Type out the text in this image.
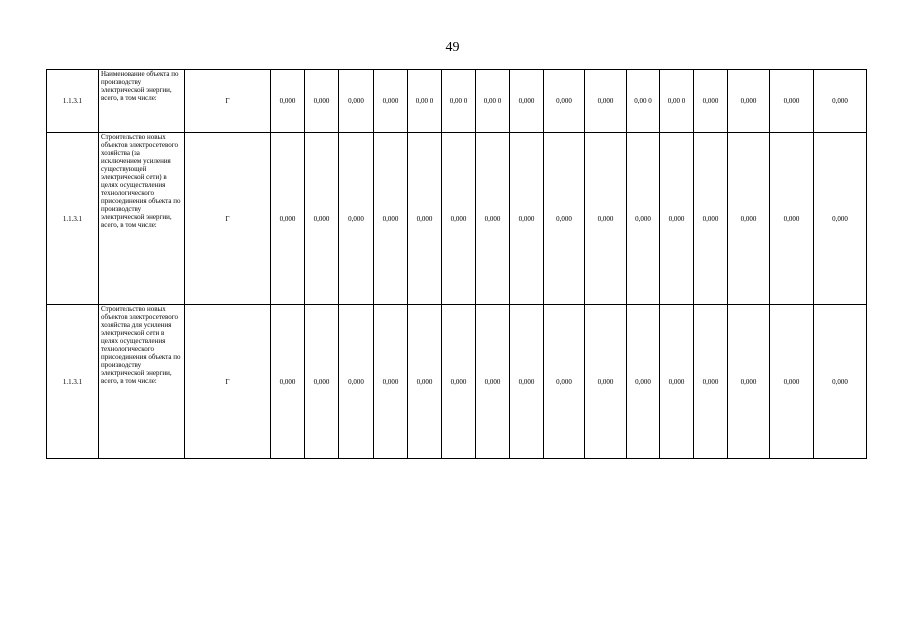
49
1.1.3.1	Наименование объекта по производству электрической энергии, всего, в том числе:	Г	0,000	0,000	0,000	0,000	0,00 0	0,00 0	0,00 0	0,000	0,000	0,000	0,00 0	0,00 0	0,000	0,000	0,000	0,000
1.1.3.1	Строительство новых объектов электросетевого хозяйства (за исключением усиления существующей электрической сети) в целях осуществления технологического присоединения объекта по производству электрической энергии, всего, в том числе:	Г	0,000	0,000	0,000	0,000	0,000	0,000	0,000	0,000	0,000	0,000	0,000	0,000	0,000	0,000	0,000	0,000
1.1.3.1	Строительство новых объектов электросетевого хозяйства для усиления электрической сети в целях осуществления технологического присоединения объекта по производству электрической энергии, всего, в том числе:	Г	0,000	0,000	0,000	0,000	0,000	0,000	0,000	0,000	0,000	0,000	0,000	0,000	0,000	0,000	0,000	0,000
